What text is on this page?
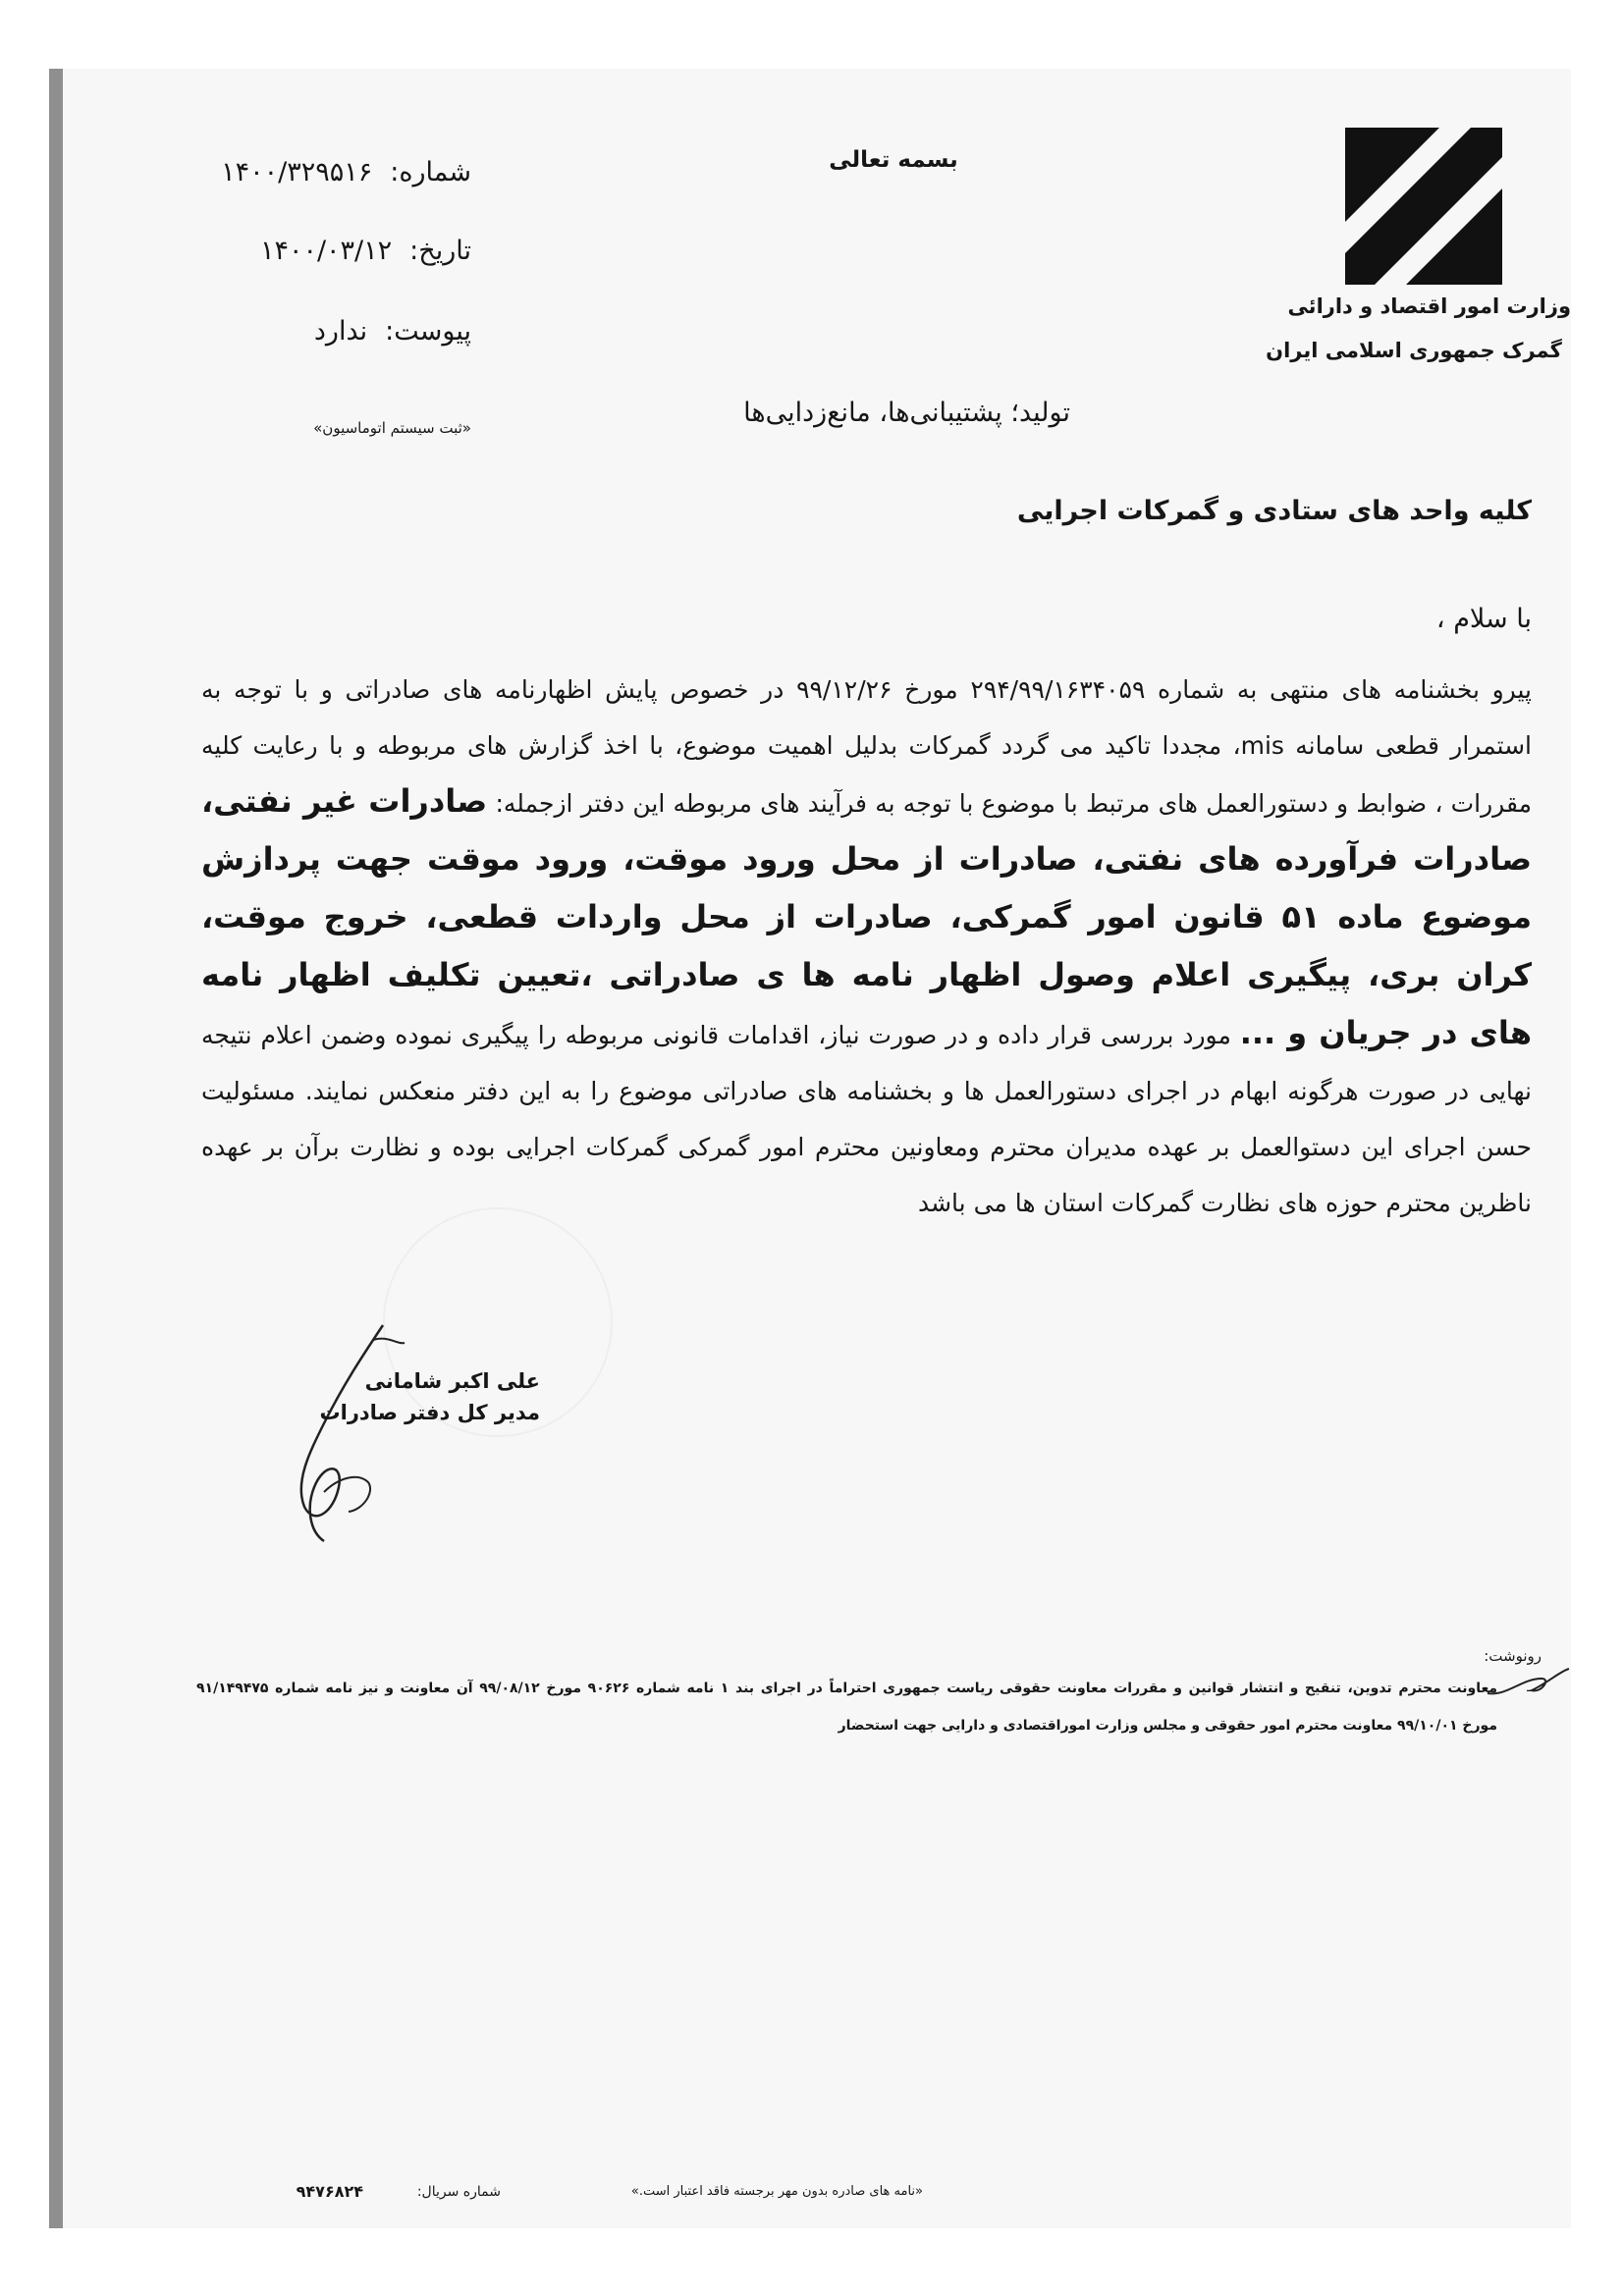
وزارت امور اقتصاد و دارائی
گمرک جمهوری اسلامی ایران
بسمه تعالی
شماره:۱۴۰۰/۳۲۹۵۱۶
تاریخ:۱۴۰۰/۰۳/۱۲
پیوست:ندارد
«ثبت سیستم اتوماسیون»	تولید؛ پشتیبانی‌ها، مانع‌زدایی‌ها
کلیه واحد های ستادی و گمرکات اجرایی
با سلام ،
پیرو بخشنامه های منتهی به شماره ۲۹۴/۹۹/۱۶۳۴۰۵۹ مورخ ۹۹/۱۲/۲۶ در خصوص پایش اظهارنامه های صادراتی و با توجه به استمرار قطعی سامانه mis، مجددا تاکید می گردد گمرکات بدلیل اهمیت موضوع، با اخذ گزارش های مربوطه و با رعایت کلیه مقررات ، ضوابط و دستورالعمل های مرتبط با موضوع با توجه به فرآیند های مربوطه این دفتر ازجمله: صادرات غیر نفتی، صادرات فرآورده های نفتی، صادرات از محل ورود موقت، ورود موقت جهت پردازش موضوع ماده ۵۱ قانون امور گمرکی، صادرات از محل واردات قطعی، خروج موقت، کران بری، پیگیری اعلام وصول اظهار نامه ها ی صادراتی ،تعیین تکلیف اظهار نامه های در جریان و ... مورد بررسی قرار داده و در صورت نیاز، اقدامات قانونی مربوطه را پیگیری نموده وضمن اعلام نتیجه نهایی در صورت هرگونه ابهام در اجرای دستورالعمل ها و بخشنامه های صادراتی موضوع را به این دفتر منعکس نمایند. مسئولیت حسن اجرای این دستوالعمل بر عهده مدیران محترم ومعاونین محترم امور گمرکی گمرکات اجرایی بوده و نظارت برآن بر عهده ناظرین محترم حوزه های نظارت گمرکات استان ها می باشد
علی اکبر شامانی
مدیر کل دفتر صادرات
رونوشت:
-
معاونت محترم تدوین، تنقیح و انتشار قوانین و مقررات معاونت حقوقی ریاست جمهوری احتراماً در اجرای بند ۱ نامه شماره ۹۰۶۲۶ مورخ ۹۹/۰۸/۱۲ آن معاونت و نیز نامه شماره ۹۱/۱۴۹۴۷۵
مورخ ۹۹/۱۰/۰۱ معاونت محترم امور حقوقی و مجلس وزارت اموراقتصادی و دارایی جهت استحضار
«نامه های صادره بدون مهر برجسته فاقد اعتبار است.»
شماره سریال:
۹۴۷۶۸۲۴
